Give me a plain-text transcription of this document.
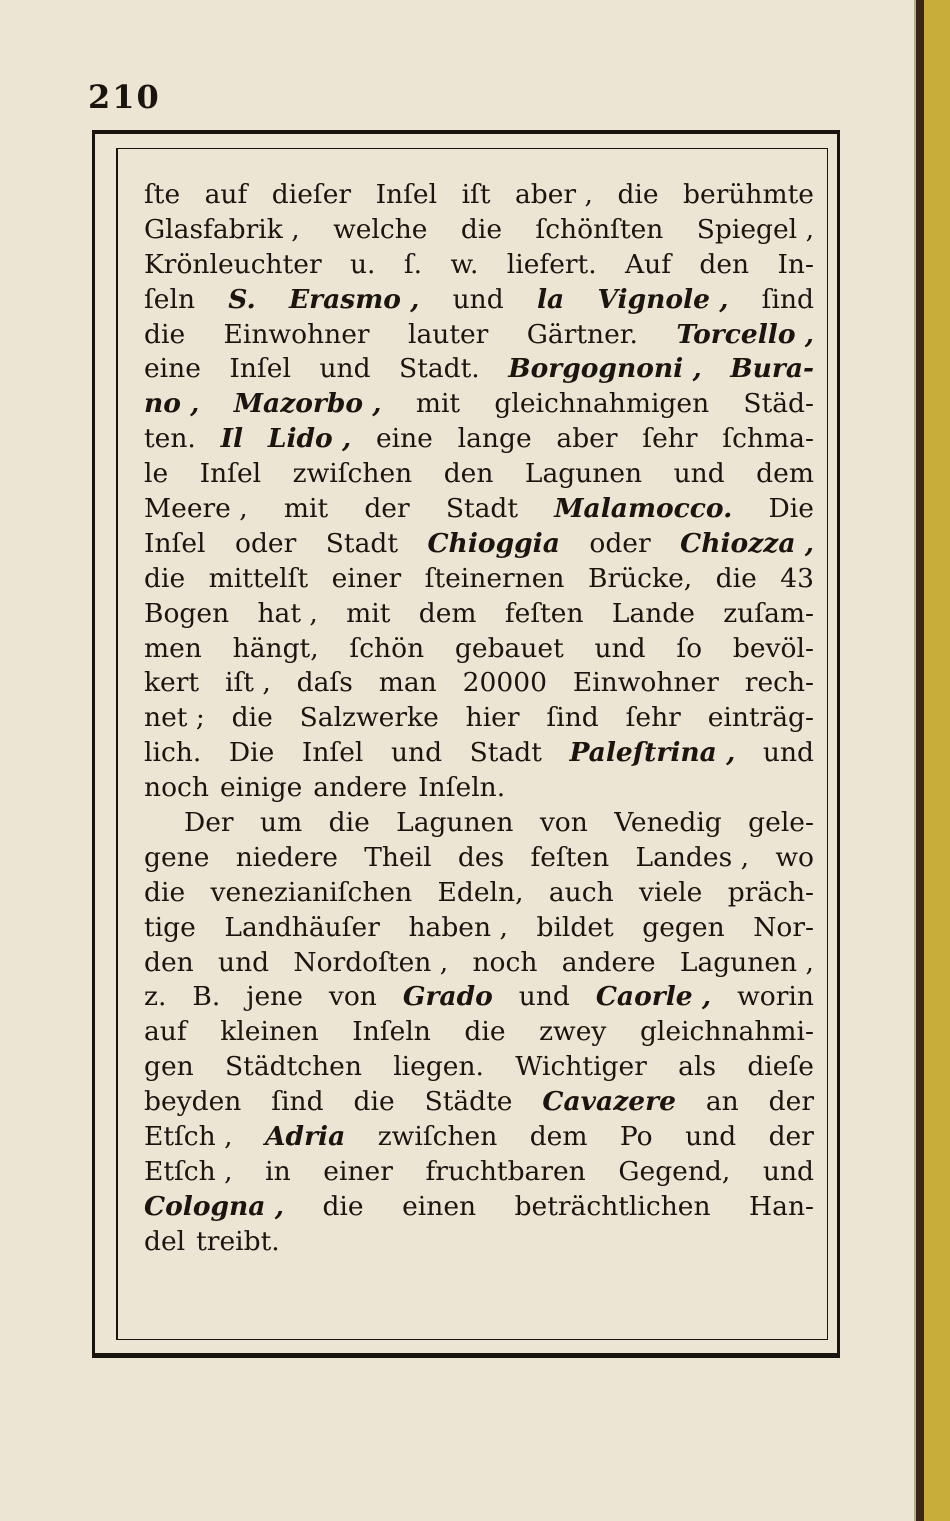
210
ſte auf dieſer Inſel iſt aber , die berühmte
Glasfabrik , welche die ſchönſten Spiegel ,
Krönleuchter u. ſ. w. liefert. Auf den In-
ſeln S. Erasmo , und la Vignole , ſind
die Einwohner lauter Gärtner. Torcello ,
eine Inſel und Stadt. Borgognoni , Bura-
no , Mazorbo , mit gleichnahmigen Städ-
ten. Il Lido , eine lange aber ſehr ſchma-
le Inſel zwiſchen den Lagunen und dem
Meere , mit der Stadt Malamocco. Die
Inſel oder Stadt Chioggia oder Chiozza ,
die mittelſt einer ſteinernen Brücke, die 43
Bogen hat , mit dem feſten Lande zuſam-
men hängt, ſchön gebauet und ſo bevöl-
kert iſt , daſs man 20000 Einwohner rech-
net ; die Salzwerke hier ſind ſehr einträg-
lich. Die Inſel und Stadt Paleſtrina , und
noch einige andere Inſeln.
Der um die Lagunen von Venedig gele-
gene niedere Theil des feſten Landes , wo
die venezianiſchen Edeln, auch viele präch-
tige Landhäuſer haben , bildet gegen Nor-
den und Nordoſten , noch andere Lagunen ,
z. B. jene von Grado und Caorle , worin
auf kleinen Inſeln die zwey gleichnahmi-
gen Städtchen liegen. Wichtiger als dieſe
beyden ſind die Städte Cavazere an der
Etſch , Adria zwiſchen dem Po und der
Etſch , in einer fruchtbaren Gegend, und
Cologna , die einen beträchtlichen Han-
del treibt.
